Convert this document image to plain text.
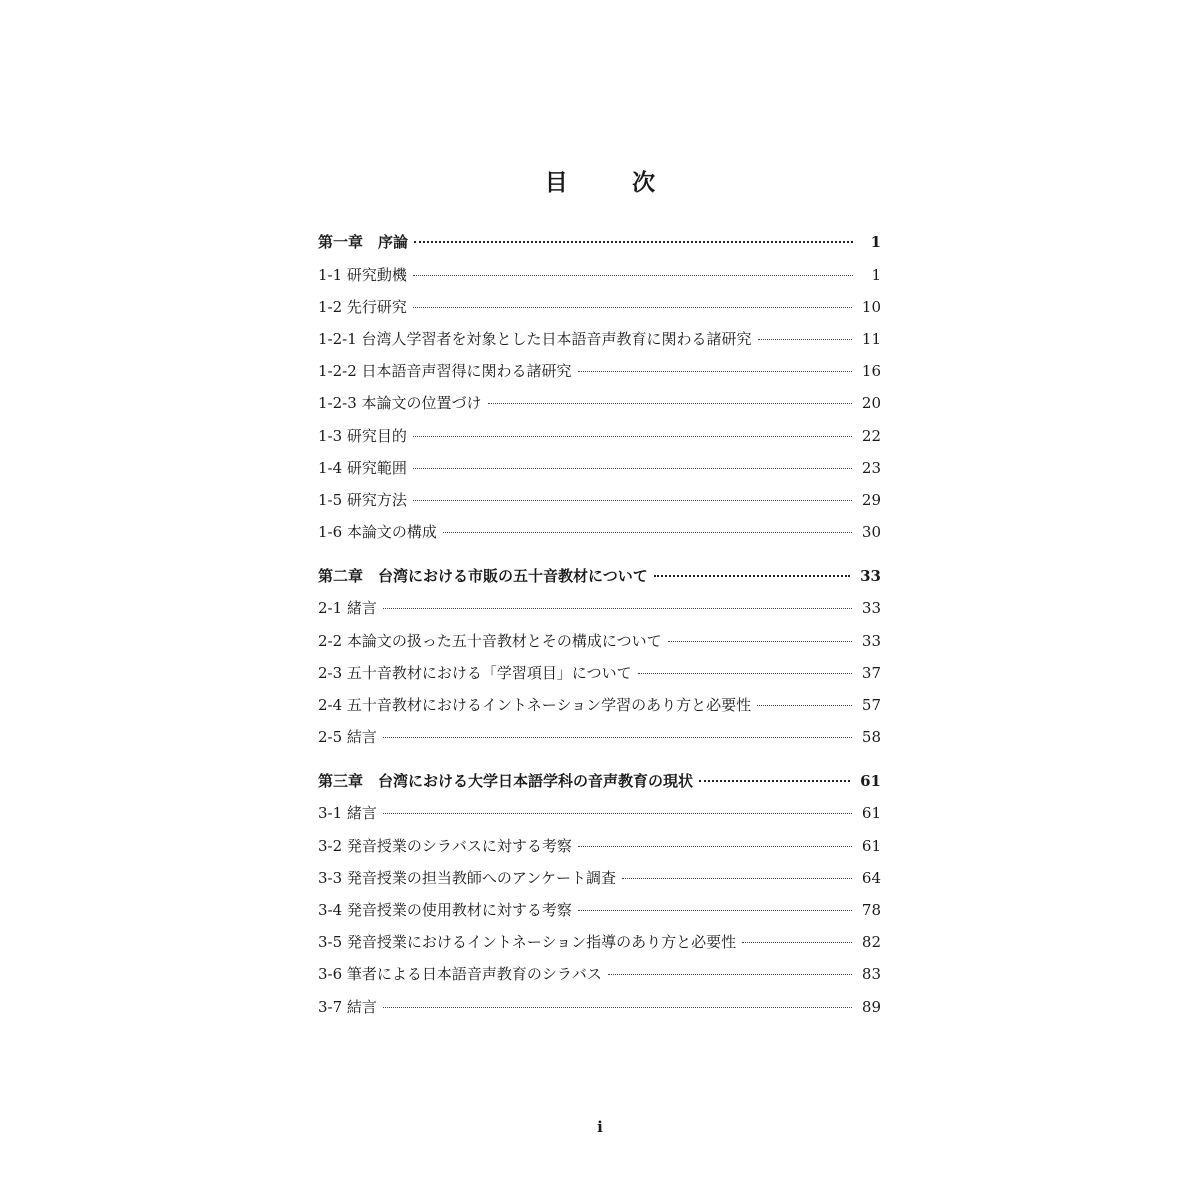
目　次
第一章　序論	1
1-1 研究動機	1
1-2 先行研究	10
1-2-1 台湾人学習者を対象とした日本語音声教育に関わる諸研究	11
1-2-2 日本語音声習得に関わる諸研究	16
1-2-3 本論文の位置づけ	20
1-3 研究目的	22
1-4 研究範囲	23
1-5 研究方法	29
1-6 本論文の構成	30
第二章　台湾における市販の五十音教材について	33
2-1 緒言	33
2-2 本論文の扱った五十音教材とその構成について	33
2-3 五十音教材における「学習項目」について	37
2-4 五十音教材におけるイントネーション学習のあり方と必要性	57
2-5 結言	58
第三章　台湾における大学日本語学科の音声教育の現状	61
3-1 緒言	61
3-2 発音授業のシラバスに対する考察	61
3-3 発音授業の担当教師へのアンケート調査	64
3-4 発音授業の使用教材に対する考察	78
3-5 発音授業におけるイントネーション指導のあり方と必要性	82
3-6 筆者による日本語音声教育のシラバス	83
3-7 結言	89
i
